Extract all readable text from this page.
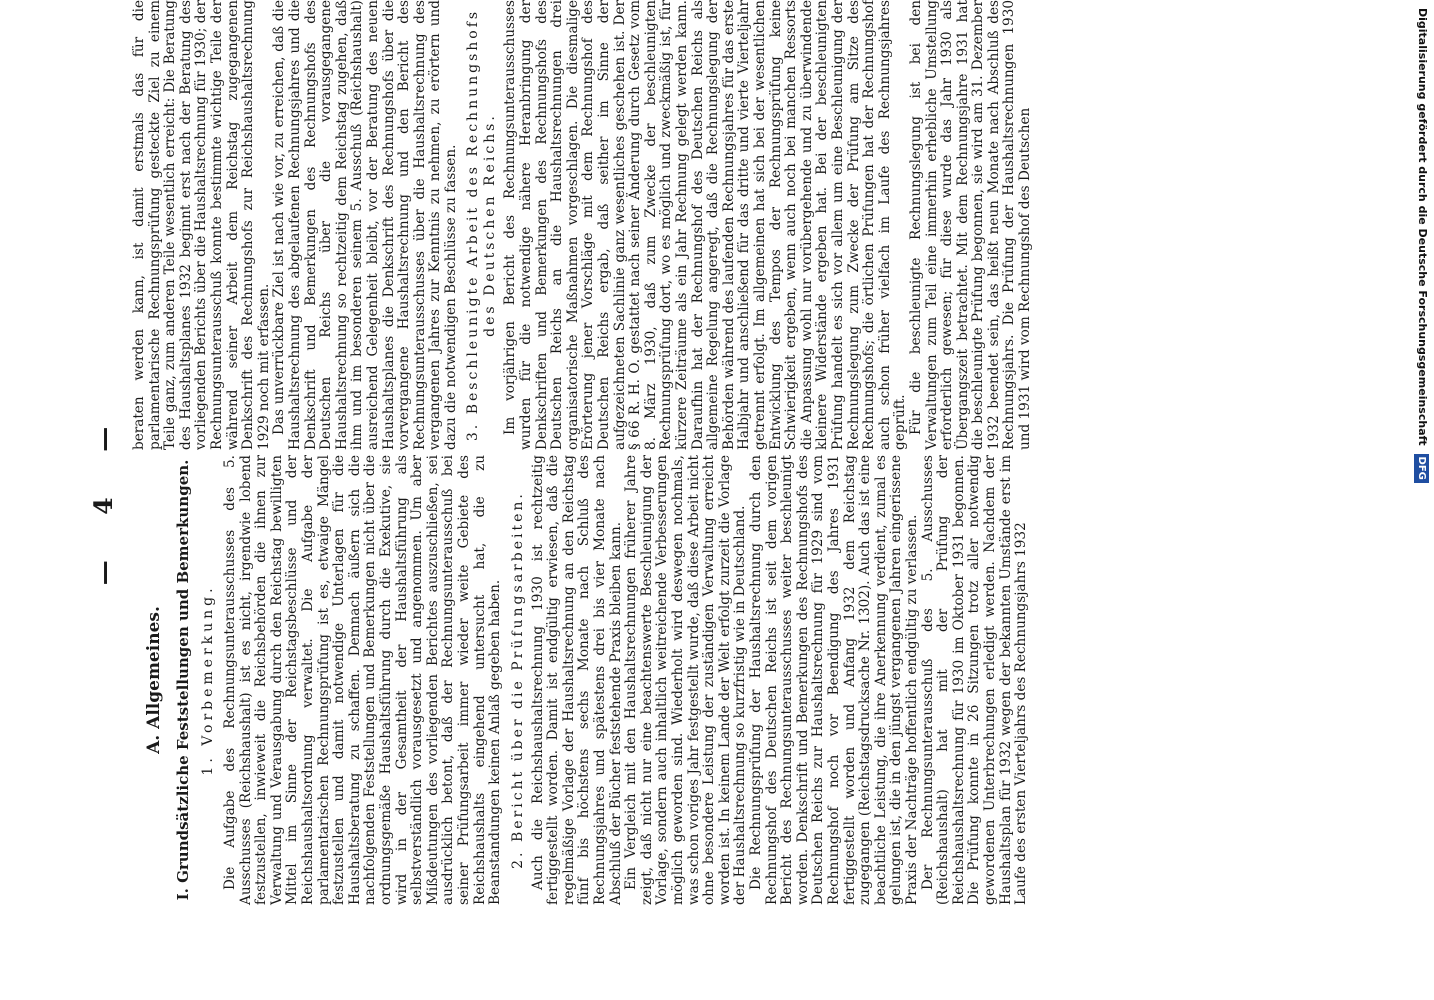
—     4     —
A. Allgemeines. I. Grundsätzliche Feststellungen und Bemerkungen. 1. Vorbemerkung. Die Aufgabe des Rechnungsunterausschusses des 5. Ausschusses (Reichshaushalt) ist es nicht, irgendwie lobend festzustellen, inwieweit die Reichsbehörden die ihnen zur Verwaltung und Verausgabung durch den Reichstag bewilligten Mittel im Sinne der Reichstagsbeschlüsse und der Reichshaushaltsordnung verwaltet. Die Aufgabe der parlamentarischen Rechnungsprüfung ist es, etwaige Mängel festzustellen und damit notwendige Unterlagen für die Haushaltsberatung zu schaffen. Demnach äußern sich die nachfolgenden Feststellungen und Bemerkungen nicht über die ordnungsgemäße Haushaltsführung durch die Exekutive, sie wird in der Gesamtheit der Haushaltsführung als selbstverständlich vorausgesetzt und angenommen. Um aber Mißdeutungen des vorliegenden Berichtes auszuschließen, sei ausdrücklich betont, daß der Rechnungsunterausschuß bei seiner Prüfungsarbeit immer wieder weite Gebiete des Reichshaushalts eingehend untersucht hat, die zu Beanstandungen keinen Anlaß gegeben haben. 2. Bericht über die Prüfungsarbeiten. Auch die Reichshaushaltsrechnung 1930 ist rechtzeitig fertiggestellt worden. Damit ist endgültig erwiesen, daß die regelmäßige Vorlage der Haushaltsrechnung an den Reichstag fünf bis höchstens sechs Monate nach Schluß des Rechnungsjahres und spätestens drei bis vier Monate nach Abschluß der Bücher feststehende Praxis bleiben kann. Ein Vergleich mit den Haushaltsrechnungen früherer Jahre zeigt, daß nicht nur eine beachtenswerte Beschleunigung der Vorlage, sondern auch inhaltlich weitreichende Verbesserungen möglich geworden sind. Wiederholt wird deswegen nochmals, was schon voriges Jahr festgestellt wurde, daß diese Arbeit nicht ohne besondere Leistung der zuständigen Verwaltung erreicht worden ist. In keinem Lande der Welt erfolgt zurzeit die Vorlage der Haushaltsrechnung so kurzfristig wie in Deutschland. Die Rechnungsprüfung der Haushaltsrechnung durch den Rechnungshof des Deutschen Reichs ist seit dem vorigen Bericht des Rechnungsunterausschusses weiter beschleunigt worden. Denkschrift und Bemerkungen des Rechnungshofs des Deutschen Reichs zur Haushaltsrechnung für 1929 sind vom Rechnungshof noch vor Beendigung des Jahres 1931 fertiggestellt worden und Anfang 1932 dem Reichstag zugegangen (Reichstagsdrucksache Nr. 1302). Auch das ist eine beachtliche Leistung, die ihre Anerkennung verdient, zumal es gelungen ist, die in den jüngst vergangenen Jahren eingerissene Praxis der Nachträge hoffentlich endgültig zu verlassen. Der Rechnungsunterausschuß des 5. Ausschusses (Reichshaushalt) hat mit der Prüfung der Reichshaushaltsrechnung für 1930 im Oktober 1931 begonnen. Die Prüfung konnte in 26 Sitzungen trotz aller notwendig gewordenen Unterbrechungen erledigt werden. Nachdem der Haushaltsplan für 1932 wegen der bekannten Umstände erst im Laufe des ersten Vierteljahrs des Rechnungsjahrs 1932

beraten werden kann, ist damit erstmals das für die parlamentarische Rechnungsprüfung gesteckte Ziel zu einem Teile ganz, zum anderen Teile wesentlich erreicht: Die Beratung des Haushaltsplanes 1932 beginnt erst nach der Beratung des vorliegenden Berichts über die Haushaltsrechnung für 1930; der Rechnungsunterausschuß konnte bestimmte wichtige Teile der während seiner Arbeit dem Reichstag zugegangenen Denkschrift des Rechnungshofs zur Reichshaushaltsrechnung 1929 noch mit erfassen. Das unverrückbare Ziel ist nach wie vor, zu erreichen, daß die Haushaltsrechnung des abgelaufenen Rechnungsjahres und die Denkschrift und Bemerkungen des Rechnungshofs des Deutschen Reichs über die vorausgegangene Haushaltsrechnung so rechtzeitig dem Reichstag zugehen, daß ihm und im besonderen seinem 5. Ausschuß (Reichshaushalt) ausreichend Gelegenheit bleibt, vor der Beratung des neuen Haushaltsplanes die Denkschrift des Rechnungshofs über die vorvergangene Haushaltsrechnung und den Bericht des Rechnungsunterausschusses über die Haushaltsrechnung des vergangenen Jahres zur Kenntnis zu nehmen, zu erörtern und dazu die notwendigen Beschlüsse zu fassen. 3. Beschleunigte Arbeit des Rechnungshofs des Deutschen Reichs. Im vorjährigen Bericht des Rechnungsunterausschusses wurden für die notwendige nähere Heranbringung der Denkschriften und Bemerkungen des Rechnungshofs des Deutschen Reichs an die Haushaltsrechnungen drei organisatorische Maßnahmen vorgeschlagen. Die diesmalige Erörterung jener Vorschläge mit dem Rechnungshof des Deutschen Reichs ergab, daß seither im Sinne der aufgezeichneten Sachlinie ganz wesentliches geschehen ist. Der § 66 R. H. O. gestattet nach seiner Änderung durch Gesetz vom 8. März 1930, daß zum Zwecke der beschleunigten Rechnungsprüfung dort, wo es möglich und zweckmäßig ist, für kürzere Zeiträume als ein Jahr Rechnung gelegt werden kann. Daraufhin hat der Rechnungshof des Deutschen Reichs als allgemeine Regelung angeregt, daß die Rechnungslegung der Behörden während des laufenden Rechnungsjahres für das erste Halbjahr und anschließend für das dritte und vierte Vierteljahr getrennt erfolgt. Im allgemeinen hat sich bei der wesentlichen Entwicklung des Tempos der Rechnungsprüfung keine Schwierigkeit ergeben, wenn auch noch bei manchen Ressorts die Anpassung wohl nur vorübergehende und zu überwindende kleinere Widerstände ergeben hat. Bei der beschleunigten Prüfung handelt es sich vor allem um eine Beschleunigung der Rechnungslegung zum Zwecke der Prüfung am Sitze des Rechnungshofs; die örtlichen Prüfungen hat der Rechnungshof auch schon früher vielfach im Laufe des Rechnungsjahres geprüft. Für die beschleunigte Rechnungslegung ist bei den Verwaltungen zum Teil eine immerhin erhebliche Umstellung erforderlich gewesen; für diese wurde das Jahr 1930 als Übergangszeit betrachtet. Mit dem Rechnungsjahre 1931 hat die beschleunigte Prüfung begonnen, sie wird am 31. Dezember 1932 beendet sein, das heißt neun Monate nach Abschluß des Rechnungsjahrs. Die Prüfung der Haushaltsrechnungen 1930 und 1931 wird vom Rechnungshof des Deutschen	Digitalisierung gefördert durch die Deutsche Forschungsgemeinschaft DFG
